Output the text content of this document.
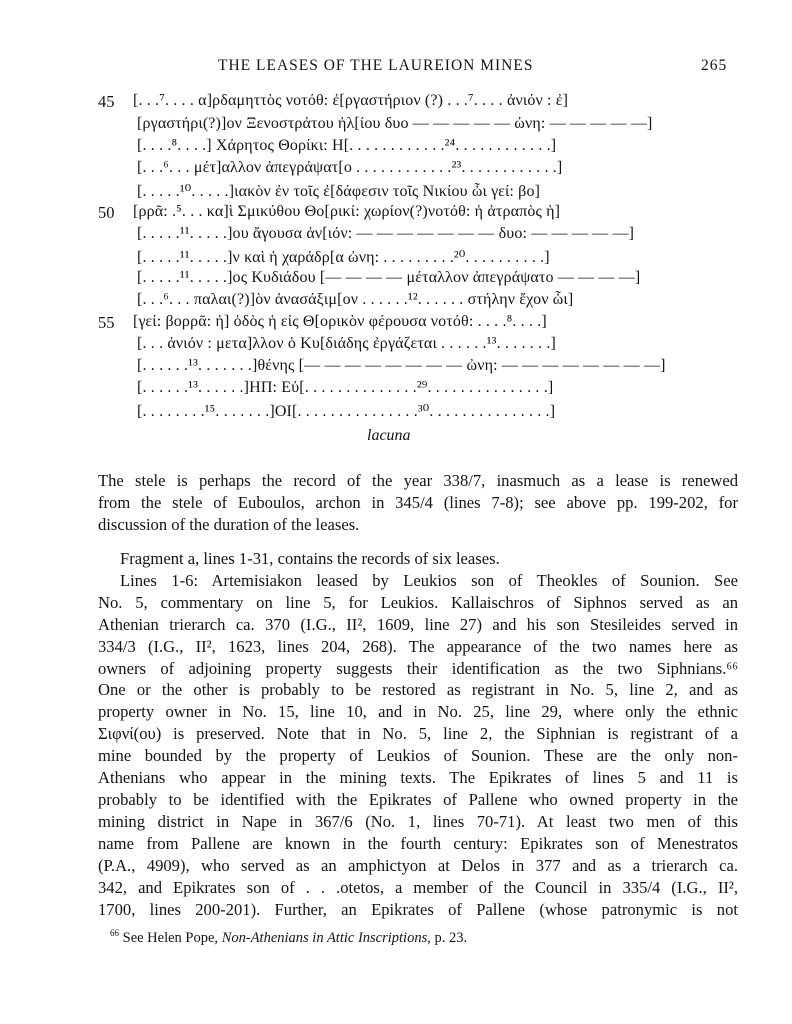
THE LEASES OF THE LAUREION MINES	265
45 [. . .⁷. . . . α]ρδαμηττὸς νοτόθ: ἐ[ργαστήριον (?) . . .⁷. . . . ἀνιόν : ἐ]
[ργαστήρι(?)]ον Ξενοστράτου ἠλ[ίου δυο — — — — — ὠνη: — — — — —]
[. . . .⁸. . . .] Χάρητος Θορίκι: Η[. . . . . . . . . . . .²⁴. . . . . . . . . . . .]
[. . .⁶. . . μέτ]αλλον ἀπεγράψατ[ο . . . . . . . . . . . .²³. . . . . . . . . . . .]
[. . . . .¹⁰. . . . .]ιακὸν ἐν τοῖς ἐ[δάφεσιν τοῖς Νικίου ὧι γεί: βο]
50 [ρρᾶ: .⁵. . . κα]ὶ Σμικύθου Θο[ρικί: χωρίον(?)νοτόθ: ἡ ἀτραπὸς ἡ]
[. . . . .¹¹. . . . .]ου ἄγουσα ἀν[ιόν: — — — — — — — δυο: — — — — —]
[. . . . .¹¹. . . . .]ν καὶ ἡ χαράδρ[α ὠνη: . . . . . . . . .²⁰. . . . . . . . . .]
[. . . . .¹¹. . . . .]ος Κυδιάδου [— — — — μέταλλον ἀπεγράψατο — — — —]
[. . .⁶. . . παλαι(?)]ὸν ἀνασάξιμ[ον . . . . . .¹². . . . . . στήλην ἔχον ὧι]
55 [γεί: βορρᾶ: ἡ] ὁδὸς ἡ εἰς Θ[ορικὸν φέρουσα νοτόθ: . . . .⁸. . . .]
[. . . ἀνιόν : μετα]λλον ὁ Κυ[διάδης ἐργάζεται . . . . . .¹³. . . . . . .]
[. . . . . .¹³. . . . . . .]θένης [— — — — — — — — ὠνη: — — — — — — — —]
[. . . . . .¹³. . . . . .]ΗΠ: Εὐ[. . . . . . . . . . . . . .²⁹. . . . . . . . . . . . . . .]
[. . . . . . . .¹⁵. . . . . . .]ΟΙ[. . . . . . . . . . . . . . .³⁰. . . . . . . . . . . . . . .]
lacuna
The stele is perhaps the record of the year 338/7, inasmuch as a lease is renewed
from the stele of Euboulos, archon in 345/4 (lines 7-8); see above pp. 199-202, for
discussion of the duration of the leases.
Fragment a, lines 1-31, contains the records of six leases.
Lines 1-6: Artemisiakon leased by Leukios son of Theokles of Sounion. See
No. 5, commentary on line 5, for Leukios. Kallaischros of Siphnos served as an
Athenian trierarch ca. 370 (I.G., II², 1609, line 27) and his son Stesileides served in
334/3 (I.G., II², 1623, lines 204, 268). The appearance of the two names here as
owners of adjoining property suggests their identification as the two Siphnians.⁶⁶
One or the other is probably to be restored as registrant in No. 5, line 2, and as
property owner in No. 15, line 10, and in No. 25, line 29, where only the ethnic
Σιφνί(ου) is preserved. Note that in No. 5, line 2, the Siphnian is registrant of a
mine bounded by the property of Leukios of Sounion. These are the only non-
Athenians who appear in the mining texts. The Epikrates of lines 5 and 11 is
probably to be identified with the Epikrates of Pallene who owned property in the
mining district in Nape in 367/6 (No. 1, lines 70-71). At least two men of this
name from Pallene are known in the fourth century: Epikrates son of Menestratos
(P.A., 4909), who served as an amphictyon at Delos in 377 and as a trierarch ca.
342, and Epikrates son of . . .otetos, a member of the Council in 335/4 (I.G., II²,
1700, lines 200-201). Further, an Epikrates of Pallene (whose patronymic is not
$^{66}$ See Helen Pope, Non-Athenians in Attic Inscriptions, p. 23.
